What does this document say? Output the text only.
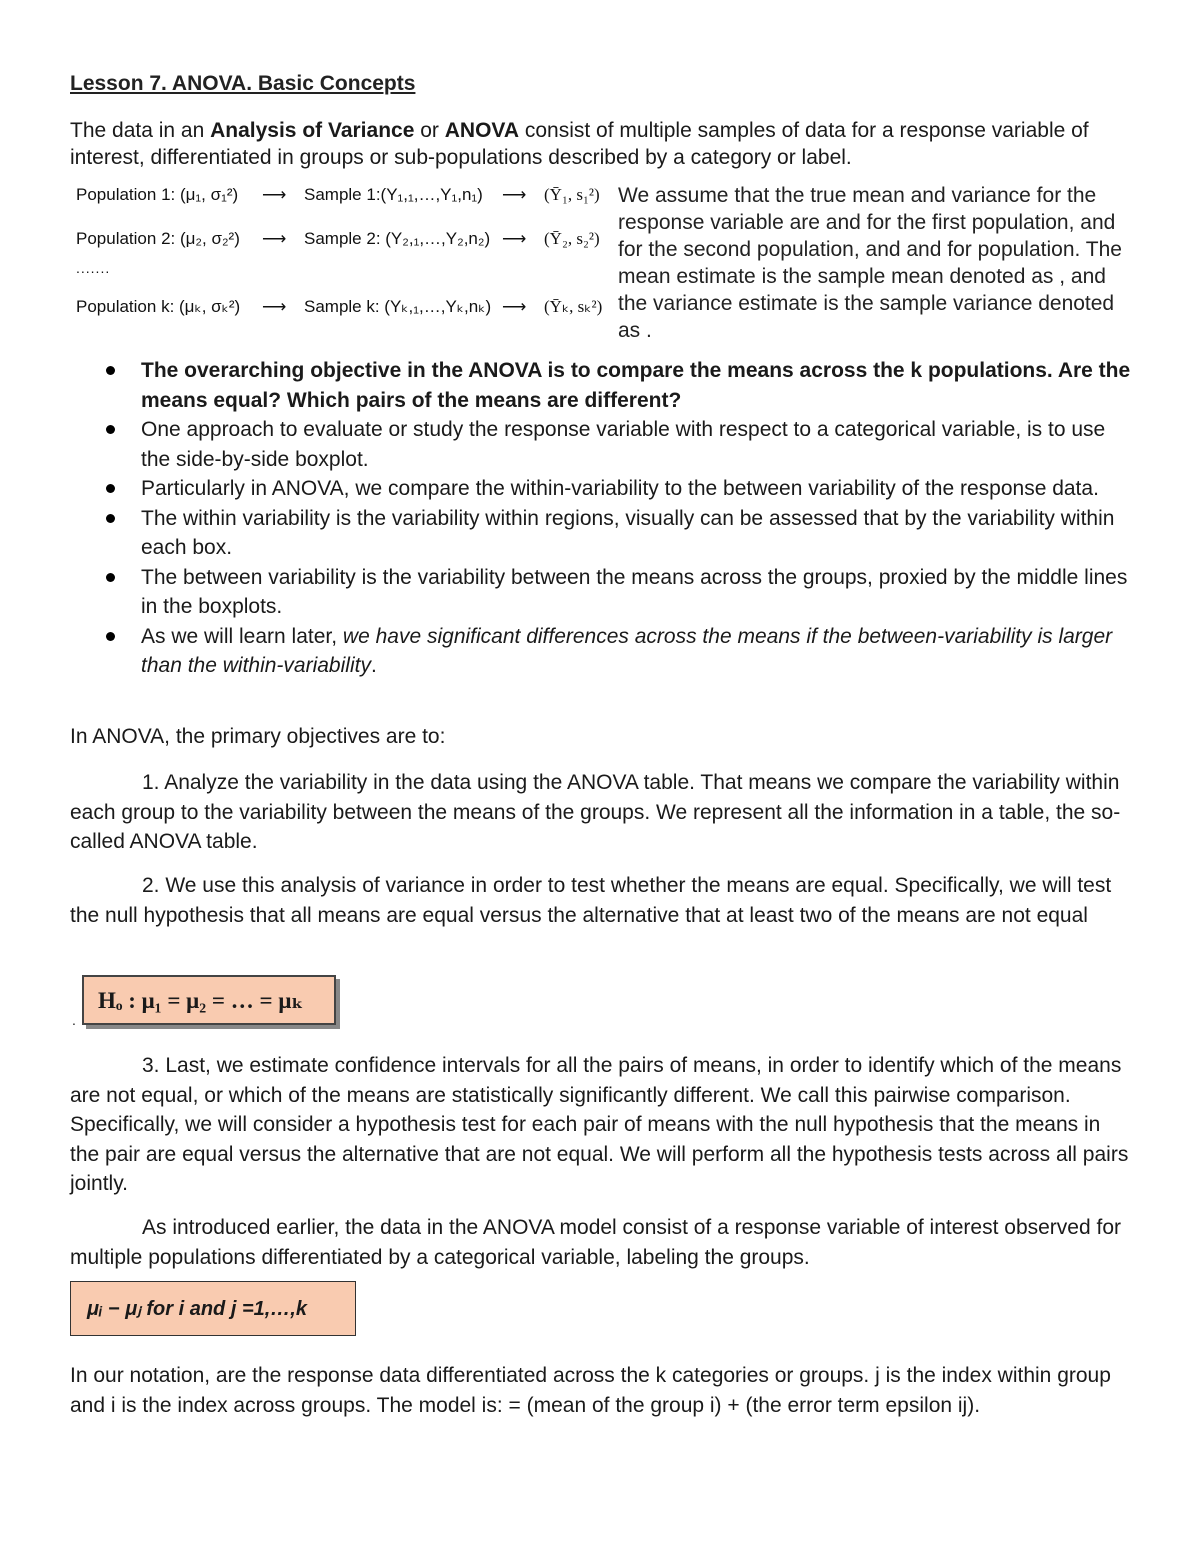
Lesson 7. ANOVA. Basic Concepts
The data in an Analysis of Variance or ANOVA consist of multiple samples of data for a response variable of interest, differentiated in groups or sub-populations described by a category or label.
Population 1: (μ₁, σ₁²) ⟶ Sample 1:(Y₁,₁,…,Y₁,n₁) ⟶ (Ȳ₁, s₁²)
Population 2: (μ₂, σ₂²) ⟶ Sample 2: (Y₂,₁,…,Y₂,n₂) ⟶ (Ȳ₂, s₂²)
.......
Population k: (μₖ, σₖ²) ⟶ Sample k: (Yₖ,₁,…,Yₖ,nₖ) ⟶ (Ȳₖ, sₖ²)
We assume that the true mean and variance for the response variable are and for the first population, and for the second population, and and for population. The mean estimate is the sample mean denoted as , and the variance estimate is the sample variance denoted as .
The overarching objective in the ANOVA is to compare the means across the k populations. Are the means equal? Which pairs of the means are different?
One approach to evaluate or study the response variable with respect to a categorical variable, is to use the side-by-side boxplot.
Particularly in ANOVA, we compare the within-variability to the between variability of the response data.
The within variability is the variability within regions, visually can be assessed that by the variability within each box.
The between variability is the variability between the means across the groups, proxied by the middle lines in the boxplots.
As we will learn later, we have significant differences across the means if the between-variability is larger than the within-variability.
In ANOVA, the primary objectives are to:
1. Analyze the variability in the data using the ANOVA table. That means we compare the variability within each group to the variability between the means of the groups. We represent all the information in a table, the so-called ANOVA table.
2. We use this analysis of variance in order to test whether the means are equal. Specifically, we will test the null hypothesis that all means are equal versus the alternative that at least two of the means are not equal
Hₒ : μ₁ = μ₂ = … = μₖ
.
3. Last, we estimate confidence intervals for all the pairs of means, in order to identify which of the means are not equal, or which of the means are statistically significantly different. We call this pairwise comparison. Specifically, we will consider a hypothesis test for each pair of means with the null hypothesis that the means in the pair are equal versus the alternative that are not equal. We will perform all the hypothesis tests across all pairs jointly.
As introduced earlier, the data in the ANOVA model consist of a response variable of interest observed for multiple populations differentiated by a categorical variable, labeling the groups.
μᵢ − μⱼ for i and j =1,…,k
In our notation, are the response data differentiated across the k categories or groups. j is the index within group and i is the index across groups. The model is: = (mean of the group i) + (the error term epsilon ij).
